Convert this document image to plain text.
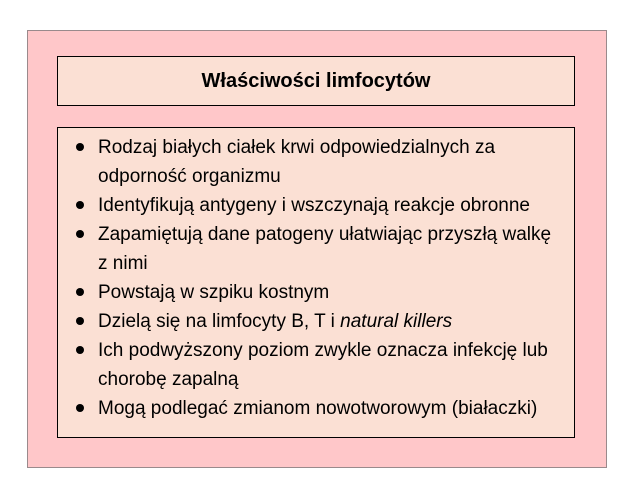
Właściwości limfocytów
Rodzaj białych ciałek krwi odpowiedzialnych za odporność organizmu
Identyfikują antygeny i wszczynają reakcje obronne
Zapamiętują dane patogeny ułatwiając przyszłą walkę z nimi
Powstają w szpiku kostnym
Dzielą się na limfocyty B, T i natural killers
Ich podwyższony poziom zwykle oznacza infekcję lub chorobę zapalną
Mogą podlegać zmianom nowotworowym (białaczki)
